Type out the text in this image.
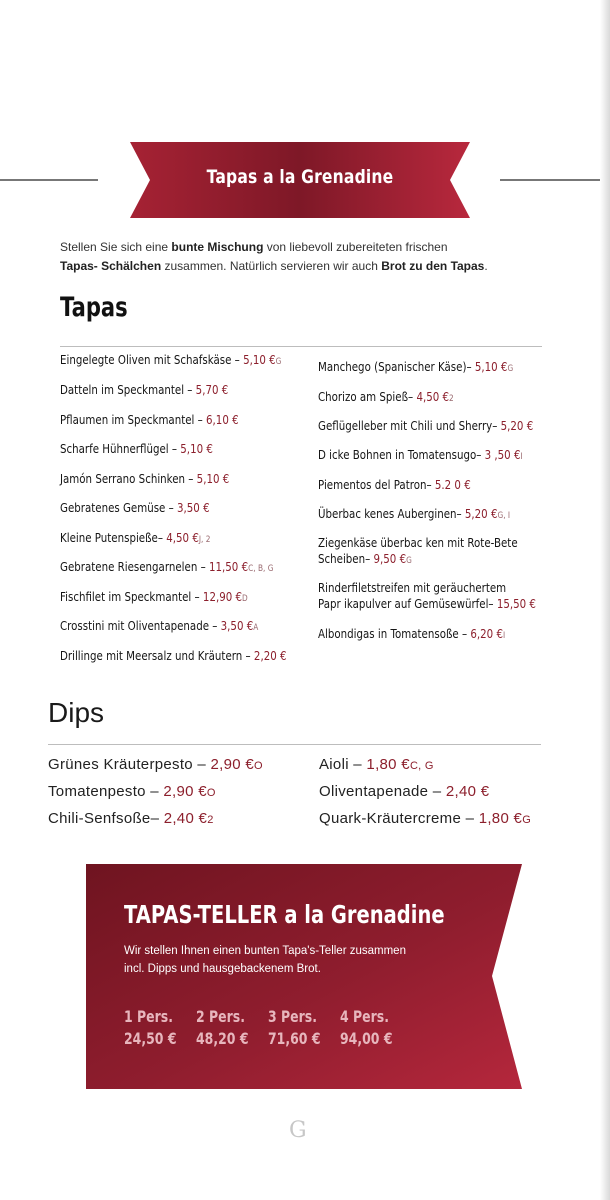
Tapas a la Grenadine
Stellen Sie sich eine bunte Mischung von liebevoll zubereiteten frischen
Tapas- Schälchen zusammen. Natürlich servieren wir auch Brot zu den Tapas.
Tapas
Eingelegte Oliven mit Schafskäse – 5,10 €G
Datteln im Speckmantel – 5,70 €
Pflaumen im Speckmantel – 6,10 €
Scharfe Hühnerflügel – 5,10 €
Jamón Serrano Schinken – 5,10 €
Gebratenes Gemüse – 3,50 €
Kleine Putenspieße– 4,50 €J, 2
Gebratene Riesengarnelen – 11,50 €C, B, G
Fischfilet im Speckmantel – 12,90 €D
Crosstini mit Oliventapenade – 3,50 €A
Drillinge mit Meersalz und Kräutern – 2,20 €
Manchego (Spanischer Käse)– 5,10 €G
Chorizo am Spieß– 4,50 €2
Geflügelleber mit Chili und Sherry– 5,20 €
D icke Bohnen in Tomatensugo– 3 ,50 €I
Piementos del Patron– 5.2 0 €
Überbac kenes Auberginen– 5,20 €G, I
Ziegenkäse überbac ken mit Rote-Bete
Scheiben– 9,50 €G
Rinderfiletstreifen mit geräuchertem
Papr ikapulver auf Gemüsewürfel– 15,50 €
Albondigas in Tomatensoße – 6,20 €I
Dips
Grünes Kräuterpesto – 2,90 €O
Tomatenpesto – 2,90 €O
Chili-Senfsoße– 2,40 €2
Aioli – 1,80 €C, G
Oliventapenade – 2,40 €
Quark-Kräutercreme – 1,80 €G
TAPAS-TELLER a la Grenadine
Wir stellen Ihnen einen bunten Tapa's-Teller zusammen
incl. Dipps und hausgebackenem Brot.
1 Pers.
24,50 €
2 Pers.
48,20 €
3 Pers.
71,60 €
4 Pers.
94,00 €
G
